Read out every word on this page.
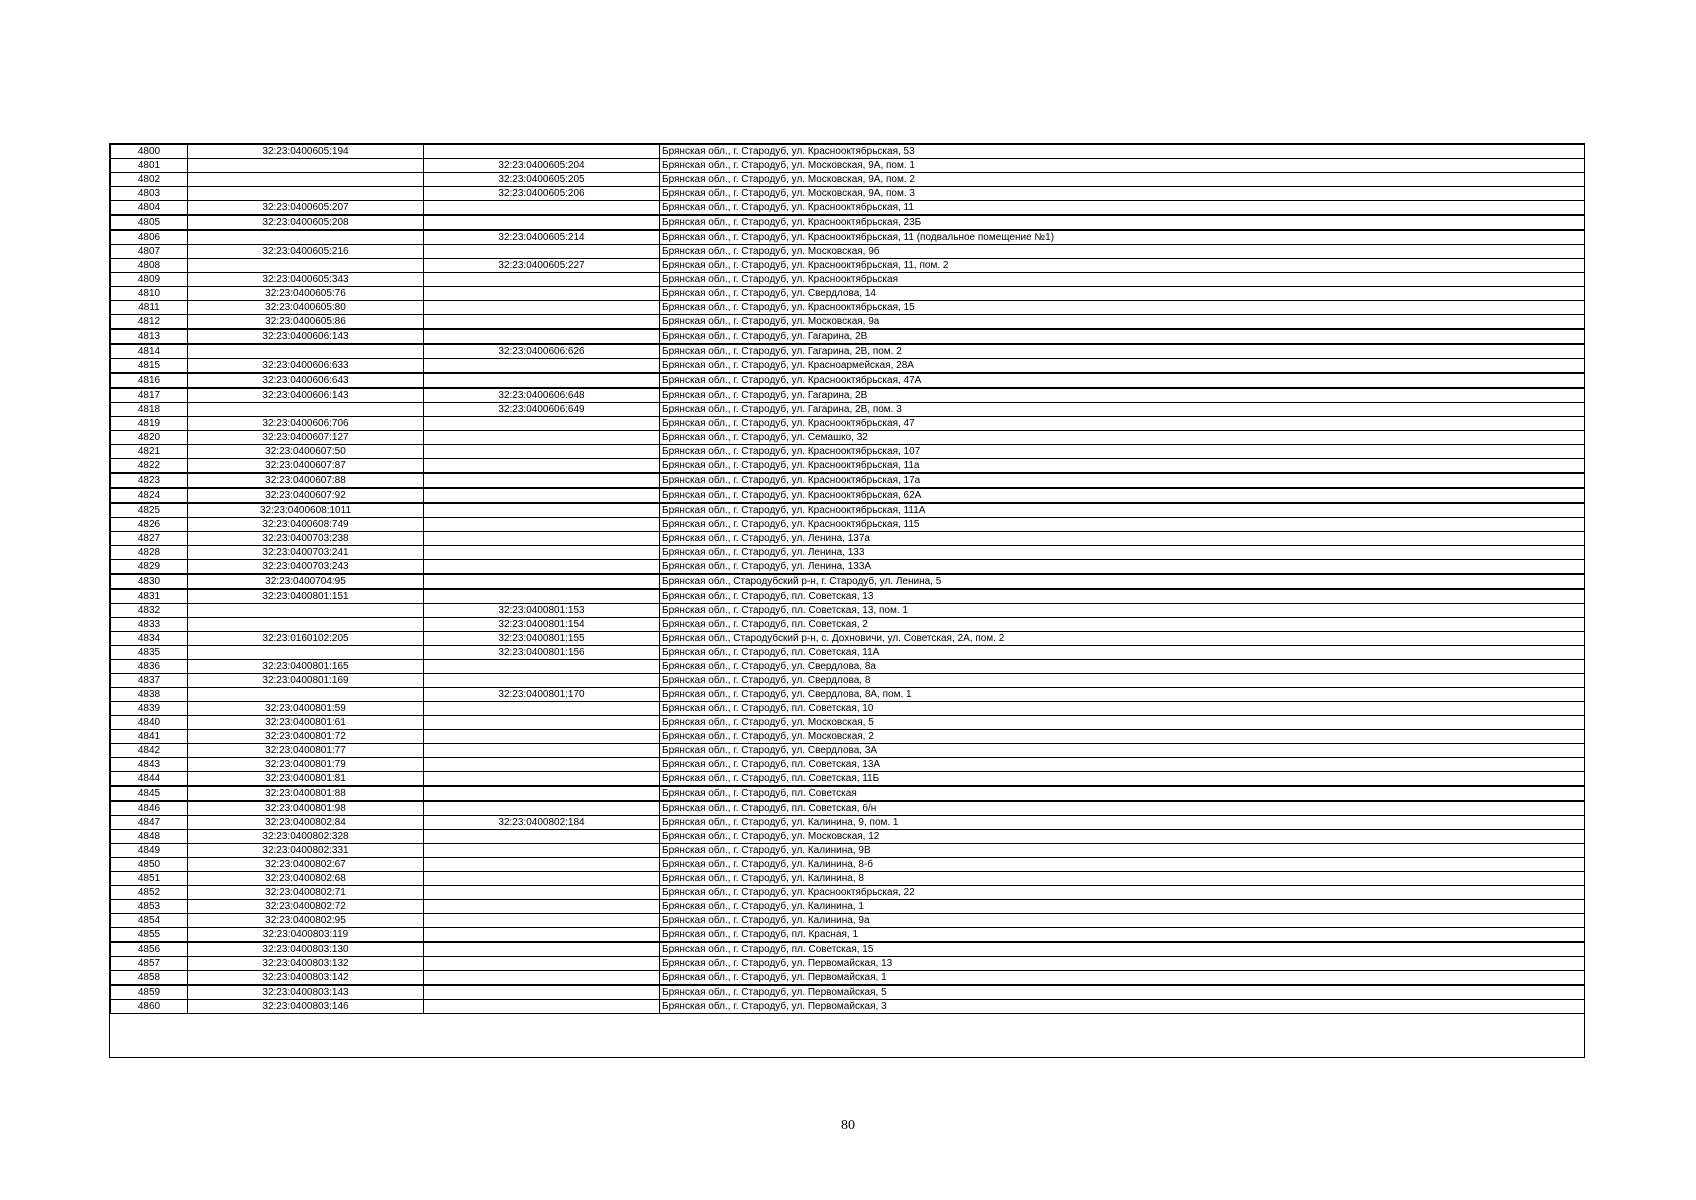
4800	32:23:0400605:194		Брянская обл., г. Стародуб, ул. Краснооктябрьская, 53
4801		32:23:0400605:204	Брянская обл., г. Стародуб, ул. Московская, 9А, пом. 1
4802		32:23:0400605:205	Брянская обл., г. Стародуб, ул. Московская, 9А, пом. 2
4803		32:23:0400605:206	Брянская обл., г. Стародуб, ул. Московская, 9А, пом. 3
4804	32:23:0400605:207		Брянская обл., г. Стародуб, ул. Краснооктябрьская, 11
4805	32:23:0400605:208		Брянская обл., г. Стародуб, ул. Краснооктябрьская, 23Б
4806		32:23:0400605:214	Брянская обл., г. Стародуб, ул. Краснооктябрьская, 11 (подвальное помещение №1)
4807	32:23:0400605:216		Брянская обл., г. Стародуб, ул. Московская, 9б
4808		32:23:0400605:227	Брянская обл., г. Стародуб, ул. Краснооктябрьская, 11, пом. 2
4809	32:23:0400605:343		Брянская обл., г. Стародуб, ул. Краснооктябрьская
4810	32:23:0400605:76		Брянская обл., г. Стародуб, ул. Свердлова, 14
4811	32:23:0400605:80		Брянская обл., г. Стародуб, ул. Краснооктябрьская, 15
4812	32:23:0400605:86		Брянская обл., г. Стародуб, ул. Московская, 9а
4813	32:23:0400606:143		Брянская обл., г. Стародуб, ул. Гагарина, 2В
4814		32:23:0400606:626	Брянская обл., г. Стародуб, ул. Гагарина, 2В, пом. 2
4815	32:23:0400606:633		Брянская обл., г. Стародуб, ул. Красноармейская, 28А
4816	32:23:0400606:643		Брянская обл., г. Стародуб, ул. Краснооктябрьская, 47А
4817	32:23:0400606:143	32:23:0400606:648	Брянская обл., г. Стародуб, ул. Гагарина, 2В
4818		32:23:0400606:649	Брянская обл., г. Стародуб, ул. Гагарина, 2В, пом. 3
4819	32:23:0400606:706		Брянская обл., г. Стародуб, ул. Краснооктябрьская, 47
4820	32:23:0400607:127		Брянская обл., г. Стародуб, ул. Семашко, 32
4821	32:23:0400607:50		Брянская обл., г. Стародуб, ул. Краснооктябрьская, 107
4822	32:23:0400607:87		Брянская обл., г. Стародуб, ул. Краснооктябрьская, 11а
4823	32:23:0400607:88		Брянская обл., г. Стародуб, ул. Краснооктябрьская, 17а
4824	32:23:0400607:92		Брянская обл., г. Стародуб, ул. Краснооктябрьская, 62А
4825	32:23:0400608:1011		Брянская обл., г. Стародуб, ул. Краснооктябрьская, 111А
4826	32:23:0400608:749		Брянская обл., г. Стародуб, ул. Краснооктябрьская, 115
4827	32:23:0400703:238		Брянская обл., г. Стародуб, ул. Ленина, 137а
4828	32:23:0400703:241		Брянская обл., г. Стародуб, ул. Ленина, 133
4829	32:23:0400703:243		Брянская обл., г. Стародуб, ул. Ленина, 133А
4830	32:23:0400704:95		Брянская обл., Стародубский р-н, г. Стародуб, ул. Ленина, 5
4831	32:23:0400801:151		Брянская обл., г. Стародуб, пл. Советская, 13
4832		32:23:0400801:153	Брянская обл., г. Стародуб, пл. Советская, 13, пом. 1
4833		32:23:0400801:154	Брянская обл., г. Стародуб, пл. Советская, 2
4834	32:23:0160102:205	32:23:0400801:155	Брянская обл., Стародубский р-н, с. Дохновичи, ул. Советская, 2А, пом. 2
4835		32:23:0400801:156	Брянская обл., г. Стародуб, пл. Советская, 11А
4836	32:23:0400801:165		Брянская обл., г. Стародуб, ул. Свердлова, 8а
4837	32:23:0400801:169		Брянская обл., г. Стародуб, ул. Свердлова, 8
4838		32:23:0400801:170	Брянская обл., г. Стародуб, ул. Свердлова, 8А, пом. 1
4839	32:23:0400801:59		Брянская обл., г. Стародуб, пл. Советская, 10
4840	32:23:0400801:61		Брянская обл., г. Стародуб, ул. Московская, 5
4841	32:23:0400801:72		Брянская обл., г. Стародуб, ул. Московская, 2
4842	32:23:0400801:77		Брянская обл., г. Стародуб, ул. Свердлова, 3А
4843	32:23:0400801:79		Брянская обл., г. Стародуб, пл. Советская, 13А
4844	32:23:0400801:81		Брянская обл., г. Стародуб, пл. Советская, 11Б
4845	32:23:0400801:88		Брянская обл., г. Стародуб, пл. Советская
4846	32:23:0400801:98		Брянская обл., г. Стародуб, пл. Советская, б/н
4847	32:23:0400802:84	32:23:0400802:184	Брянская обл., г. Стародуб, ул. Калинина, 9, пом. 1
4848	32:23:0400802:328		Брянская обл., г. Стародуб, ул. Московская, 12
4849	32:23:0400802:331		Брянская обл., г. Стародуб, ул. Калинина, 9В
4850	32:23:0400802:67		Брянская обл., г. Стародуб, ул. Калинина, 8-б
4851	32:23:0400802:68		Брянская обл., г. Стародуб, ул. Калинина, 8
4852	32:23:0400802:71		Брянская обл., г. Стародуб, ул. Краснооктябрьская, 22
4853	32:23:0400802:72		Брянская обл., г. Стародуб, ул. Калинина, 1
4854	32:23:0400802:95		Брянская обл., г. Стародуб, ул. Калинина, 9а
4855	32:23:0400803:119		Брянская обл., г. Стародуб, пл. Красная, 1
4856	32:23:0400803:130		Брянская обл., г. Стародуб, пл. Советская, 15
4857	32:23:0400803:132		Брянская обл., г. Стародуб, ул. Первомайская, 13
4858	32:23:0400803:142		Брянская обл., г. Стародуб, ул. Первомайская, 1
4859	32:23:0400803:143		Брянская обл., г. Стародуб, ул. Первомайская, 5
4860	32:23:0400803:146		Брянская обл., г. Стародуб, ул. Первомайская, 3
80
